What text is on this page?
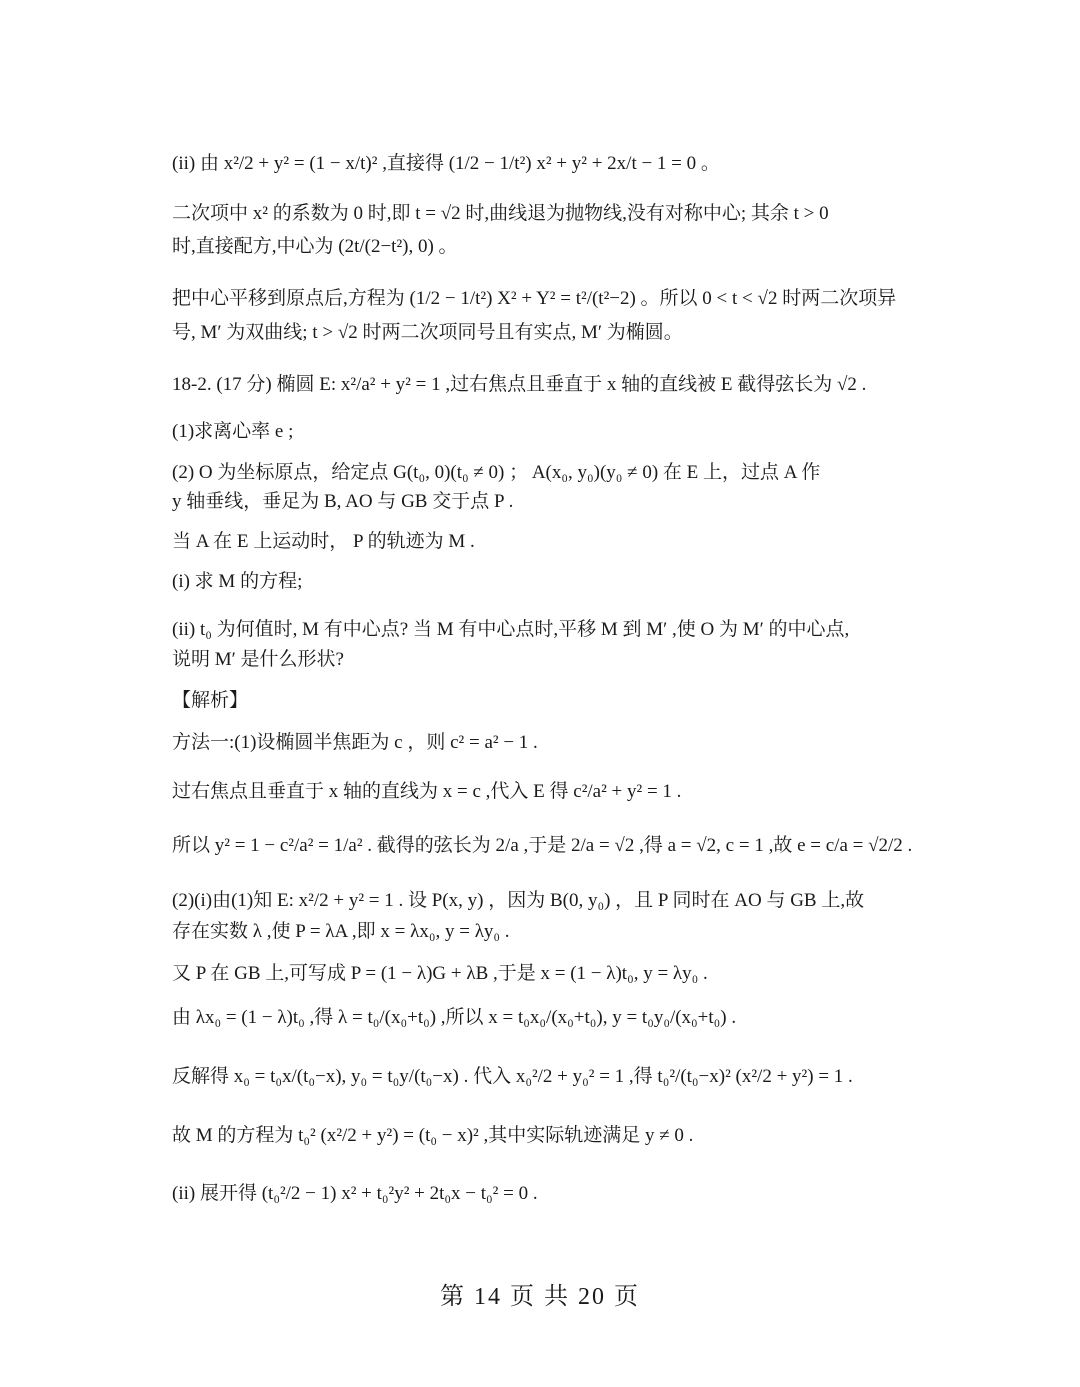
(ii) 由 x²/2 + y² = (1 − x/t)² ,直接得 (1/2 − 1/t²) x² + y² + 2x/t − 1 = 0 。
二次项中 x² 的系数为 0 时,即 t = √2 时,曲线退为抛物线,没有对称中心; 其余 t > 0
时,直接配方,中心为 (2t/(2−t²), 0) 。
把中心平移到原点后,方程为 (1/2 − 1/t²) X² + Y² = t²/(t²−2) 。所以 0 < t < √2 时两二次项异
号, M′ 为双曲线; t > √2 时两二次项同号且有实点, M′ 为椭圆。
18-2. (17 分) 椭圆 E: x²/a² + y² = 1 ,过右焦点且垂直于 x 轴的直线被 E 截得弦长为 √2 .
(1)求离心率 e ;
(2) O 为坐标原点，给定点 G(t₀, 0)(t₀ ≠ 0) ； A(x₀, y₀)(y₀ ≠ 0) 在 E 上，过点 A 作
y 轴垂线，垂足为 B, AO 与 GB 交于点 P .
当 A 在 E 上运动时， P 的轨迹为 M .
(i) 求 M 的方程;
(ii) t₀ 为何值时, M 有中心点? 当 M 有中心点时,平移 M 到 M′ ,使 O 为 M′ 的中心点,
说明 M′ 是什么形状?
【解析】
方法一:(1)设椭圆半焦距为 c ，则 c² = a² − 1 .
过右焦点且垂直于 x 轴的直线为 x = c ,代入 E 得 c²/a² + y² = 1 .
所以 y² = 1 − c²/a² = 1/a² . 截得的弦长为 2/a ,于是 2/a = √2 ,得 a = √2, c = 1 ,故 e = c/a = √2/2 .
(2)(i)由(1)知 E: x²/2 + y² = 1 . 设 P(x, y) ，因为 B(0, y₀) ，且 P 同时在 AO 与 GB 上,故
存在实数 λ ,使 P = λA ,即 x = λx₀, y = λy₀ .
又 P 在 GB 上,可写成 P = (1 − λ)G + λB ,于是 x = (1 − λ)t₀, y = λy₀ .
由 λx₀ = (1 − λ)t₀ ,得 λ = t₀/(x₀+t₀) ,所以 x = t₀x₀/(x₀+t₀), y = t₀y₀/(x₀+t₀) .
反解得 x₀ = t₀x/(t₀−x), y₀ = t₀y/(t₀−x) . 代入 x₀²/2 + y₀² = 1 ,得 t₀²/(t₀−x)² (x²/2 + y²) = 1 .
故 M 的方程为 t₀² (x²/2 + y²) = (t₀ − x)² ,其中实际轨迹满足 y ≠ 0 .
(ii) 展开得 (t₀²/2 − 1) x² + t₀²y² + 2t₀x − t₀² = 0 .
第 14 页 共 20 页
